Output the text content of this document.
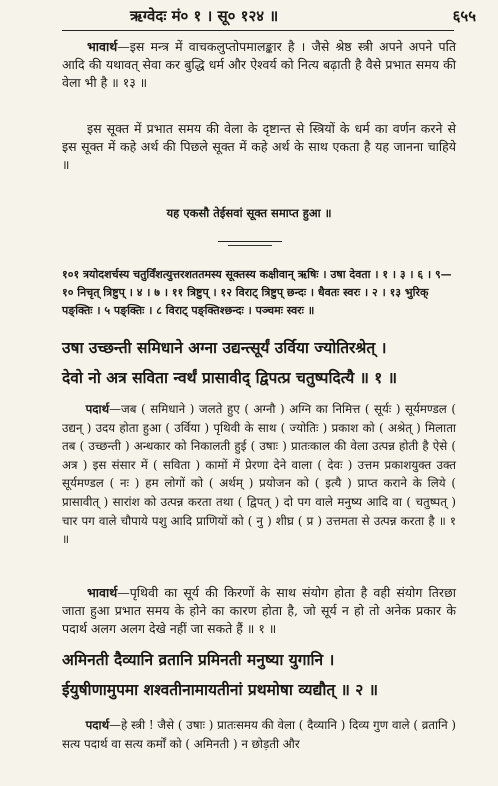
ऋग्वेदः मं० १ । सू० १२४ ॥	६५५
  भावार्थ—इस मन्त्र में वाचकलुप्तोपमालङ्कार है । जैसे श्रेष्ठ स्त्री अपने अपने पति आदि की यथावत् सेवा कर बुद्धि धर्म और ऐश्वर्य को नित्य बढ़ाती है वैसे प्रभात समय की वेला भी है ॥ १३ ॥
  इस सूक्त में प्रभात समय की वेला के दृष्टान्त से स्त्रियों के धर्म का वर्णन करने से इस सूक्त में कहे अर्थ की पिछले सूक्त में कहे अर्थ के साथ एकता है यह जानना चाहिये ॥
यह एकसौ तेईसवां सूक्त समाप्त हुआ ॥
१०१ त्रयोदशर्चस्य चतुर्विंशत्युत्तरशततमस्य सूक्तस्य कक्षीवान् ऋषिः । उषा देवता । १ । ३ । ६ । ९—१० निचृत् त्रिष्टुप् । ४ । ७ । ११ त्रिष्टुप् । १२ विराट् त्रिष्टुप् छन्दः । धैवतः स्वरः । २ । १३ भुरिक् पङ्क्तिः । ५ पङ्क्तिः । ८ विराट् पङ्क्तिश्छन्दः । पञ्चमः स्वरः ॥
उषा उच्छन्ती समिधाने अग्ना उद्यन्त्सूर्यं उर्विया ज्योतिरश्रेत् ।
देवो नो अत्र सविता न्वर्थं प्रासावीद् द्विपत्प्र चतुष्पदित्यै ॥ १ ॥
  पदार्थ—जब ( समिधाने ) जलते हुए ( अग्नौ ) अग्नि का निमित्त ( सूर्यः ) सूर्यमण्डल ( उद्यन् ) उदय होता हुआ ( उर्विया ) पृथिवी के साथ ( ज्योतिः ) प्रकाश को ( अश्रेत् ) मिलाता तब ( उच्छन्ती ) अन्धकार को निकालती हुई ( उषाः ) प्रातःकाल की वेला उत्पन्न होती है ऐसे ( अत्र ) इस संसार में ( सविता ) कामों में प्रेरणा देने वाला ( देवः ) उत्तम प्रकाशयुक्त उक्त सूर्यमण्डल ( नः ) हम लोगों को ( अर्थम् ) प्रयोजन को ( इत्यै ) प्राप्त कराने के लिये ( प्रासावीत् ) सारांश को उत्पन्न करता तथा ( द्विपत् ) दो पग वाले मनुष्य आदि वा ( चतुष्पत् ) चार पग वाले चौपाये पशु आदि प्राणियों को ( नु ) शीघ्र ( प्र ) उत्तमता से उत्पन्न करता है ॥ १ ॥
  भावार्थ—पृथिवी का सूर्य की किरणों के साथ संयोग होता है वही संयोग तिरछा जाता हुआ प्रभात समय के होने का कारण होता है, जो सूर्य न हो तो अनेक प्रकार के पदार्थ अलग अलग देखे नहीं जा सकते हैं ॥ १ ॥
अमिनती दैव्यानि व्रतानि प्रमिनती मनुष्या युगानि ।
ईयुषीणामुपमा शश्वतीनामायतीनां प्रथमोषा व्यद्यौत् ॥ २ ॥
  पदार्थ—हे स्त्री ! जैसे ( उषाः ) प्रातःसमय की वेला ( दैव्यानि ) दिव्य गुण वाले ( व्रतानि ) सत्य पदार्थ वा सत्य कर्मों को ( अमिनती ) न छोड़ती और
